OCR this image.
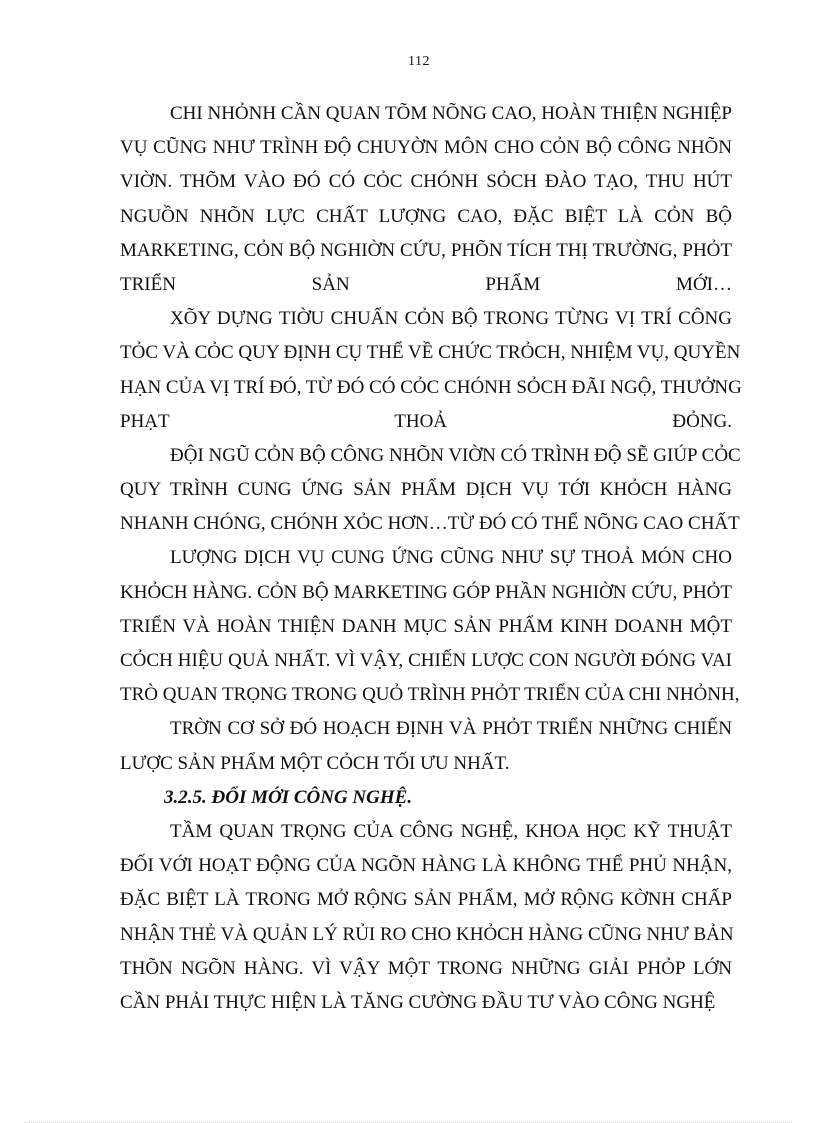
112
CHI NHỎNH CẦN QUAN TÕM NÕNG CAO, HOÀN THIỆN NGHIỆP
VỤ CŨNG NHƯ TRÌNH ĐỘ CHUYỜN MÔN CHO CỎN BỘ CÔNG NHÕN
VIỜN. THÕM VÀO ĐÓ CÓ CỎC CHÓNH SỎCH ĐÀO TẠO, THU HÚT
NGUỒN NHÕN LỰC CHẤT LƯỢNG CAO, ĐẶC BIỆT LÀ CỎN BỘ
MARKETING, CỎN BỘ NGHIỜN CỨU, PHÕN TÍCH THỊ TRƯỜNG, PHỎT
TRIỂN SẢN PHẨM MỚI…
XÕY DỰNG TIỜU CHUẨN CỎN BỘ TRONG TỪNG VỊ TRÍ CÔNG
TỎC VÀ CỎC QUY ĐỊNH CỤ THỂ VỀ CHỨC TRỎCH, NHIỆM VỤ, QUYỀN
HẠN CỦA VỊ TRÍ ĐÓ, TỪ ĐÓ CÓ CỎC CHÓNH SỎCH ĐÃI NGỘ, THƯỞNG
PHẠT THOẢ ĐỎNG.
ĐỘI NGŨ CỎN BỘ CÔNG NHÕN VIỜN CÓ TRÌNH ĐỘ SẼ GIÚP CỎC
QUY TRÌNH CUNG ỨNG SẢN PHẨM DỊCH VỤ TỚI KHỎCH HÀNG
NHANH CHÓNG, CHÓNH XỎC HƠN…TỪ ĐÓ CÓ THỂ NÕNG CAO CHẤT
LƯỢNG DỊCH VỤ CUNG ỨNG CŨNG NHƯ SỰ THOẢ MÓN CHO
KHỎCH HÀNG. CỎN BỘ MARKETING GÓP PHẦN NGHIỜN CỨU, PHỎT
TRIỂN VÀ HOÀN THIỆN DANH MỤC SẢN PHẨM KINH DOANH MỘT
CỎCH HIỆU QUẢ NHẤT. VÌ VẬY, CHIẾN LƯỢC CON NGƯỜI ĐÓNG VAI
TRÒ QUAN TRỌNG TRONG QUỎ TRÌNH PHỎT TRIỂN CỦA CHI NHỎNH,
TRỜN CƠ SỞ ĐÓ HOẠCH ĐỊNH VÀ PHỎT TRIỂN NHỮNG CHIẾN
LƯỢC SẢN PHẨM MỘT CỎCH TỐI ƯU NHẤT.
3.2.5. ĐỔI MỚI CÔNG NGHỆ.
TẦM QUAN TRỌNG CỦA CÔNG NGHỆ, KHOA HỌC KỸ THUẬT
ĐỐI VỚI HOẠT ĐỘNG CỦA NGÕN HÀNG LÀ KHÔNG THỂ PHỦ NHẬN,
ĐẶC BIỆT LÀ TRONG MỞ RỘNG SẢN PHẨM, MỞ RỘNG KỜNH CHẤP
NHẬN THẺ VÀ QUẢN LÝ RỦI RO CHO KHỎCH HÀNG CŨNG NHƯ BẢN
THÕN NGÕN HÀNG. VÌ VẬY MỘT TRONG NHỮNG GIẢI PHỎP LỚN
CẦN PHẢI THỰC HIỆN LÀ TĂNG CƯỜNG ĐẦU TƯ VÀO CÔNG NGHỆ
